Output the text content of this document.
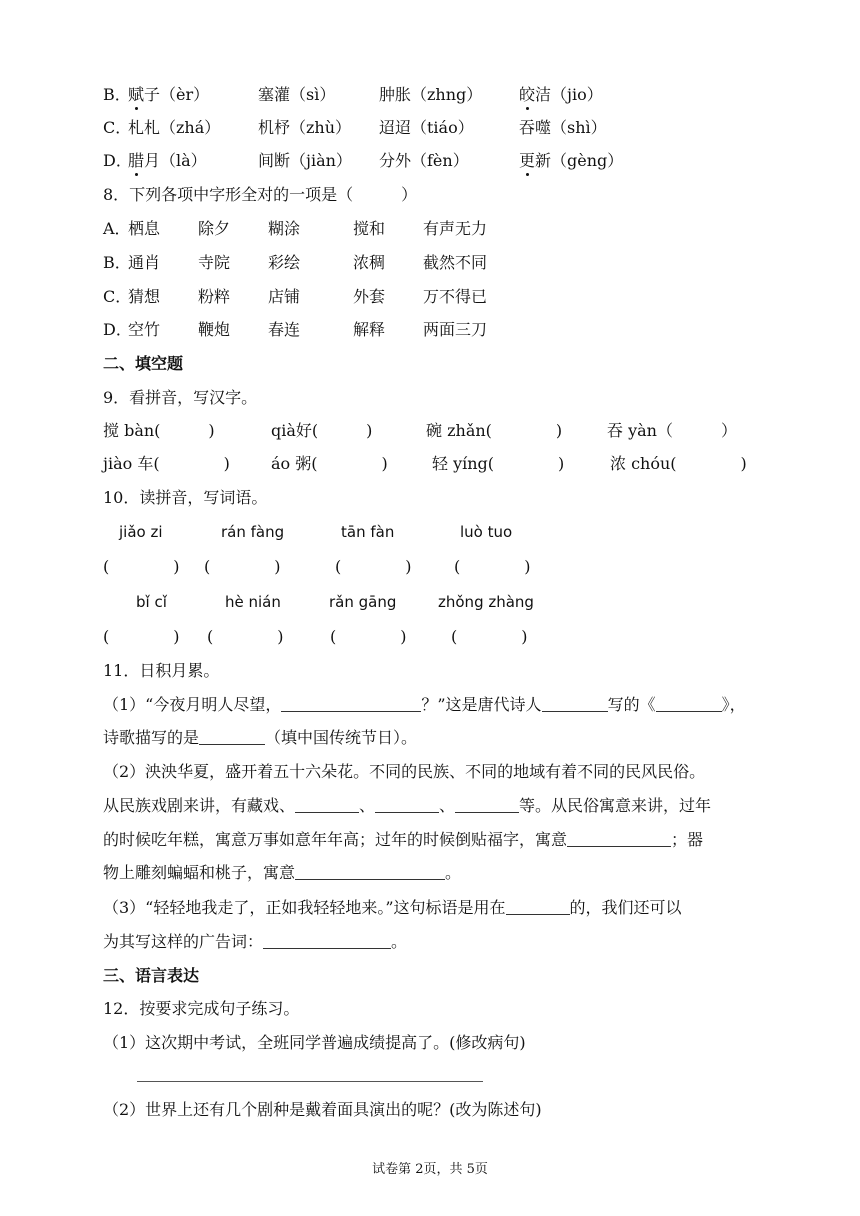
B．
赋子（èr）	塞灌（sì）	肿胀（zhng） 皎洁（jio）
C．
札札（zhá） 机杼（zhù） 迢迢（tiáo）	吞噬（shì）
D．
腊月（là）	间断（jiàn） 分外（fèn）	更新（gèng）
8．下列各项中字形全对的一项是（　　　）
A．
栖息 除夕 糊涂	搅和 有声无力
B．
通肖 寺院 彩绘	浓稠 截然不同
C．
猜想 粉粹 店铺	外套 万不得已
D．
空竹 鞭炮 春连	解释 两面三刀
二、填空题
9．看拼音，写汉字。
搅 bàn(　　　)	qià好(　　　)	碗 zhǎn(　　　　)	吞 yàn（　　　）
jiào 车(　　　　)	áo 粥(　　　　)	轻 yíng(　　　　)	浓 chóu(　　　　)
10．读拼音，写词语。
jiǎo zi	rán fàng	tān fàn	luò tuo
(　　　　) (　　　　)	(　　　　)	(　　　　)
bǐ cǐ	hè nián	rǎn gāng	zhǒng zhàng
(　　　　) (　　　　)	(　　　　)	(　　　　)
11．日积月累。
（1）“今夜月明人尽望，	？”这是唐代诗人	写的《	》，
诗歌描写的是	（填中国传统节日）。
（2）泱泱华夏，盛开着五十六朵花。不同的民族、不同的地域有着不同的民风民俗。
从民族戏剧来讲，有藏戏、	、	、	等。从民俗寓意来讲，过年
的时候吃年糕，寓意万事如意年年高；过年的时候倒贴福字，寓意	；器
物上雕刻蝙蝠和桃子，寓意	。
（3）“轻轻地我走了，正如我轻轻地来。”这句标语是用在	的，我们还可以
为其写这样的广告词：	。
三、语言表达
12．按要求完成句子练习。
（1）这次期中考试，全班同学普遍成绩提高了。(修改病句)
（2）世界上还有几个剧种是戴着面具演出的呢？(改为陈述句)
试卷第 2页，共 5页
